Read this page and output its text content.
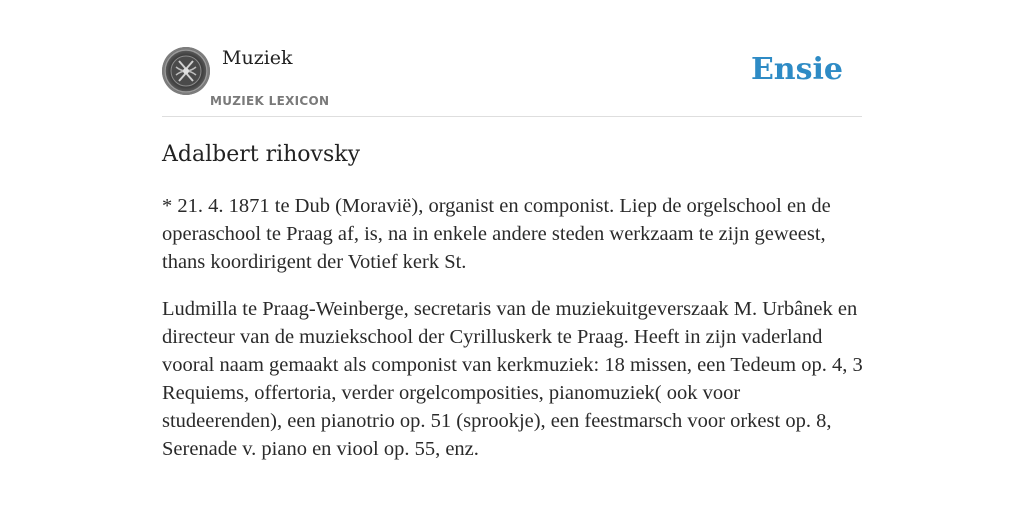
Muziek
MUZIEK LEXICON
Ensie
Adalbert rihovsky

* 21. 4. 1871 te Dub (Moravië), organist en componist. Liep de orgelschool en de operaschool te Praag af, is, na in enkele andere steden werkzaam te zijn geweest, thans koordirigent der Votief kerk St.

Ludmilla te Praag-Weinberge, secretaris van de muziekuitgeverszaak M. Urbânek en directeur van de muziekschool der Cyrilluskerk te Praag. Heeft in zijn vaderland vooral naam gemaakt als componist van kerkmuziek: 18 missen, een Tedeum op. 4, 3 Requiems, offertoria, verder orgelcomposities, pianomuziek( ook voor studeerenden), een pianotrio op. 51 (sprookje), een feestmarsch voor orkest op. 8, Serenade v. piano en viool op. 55, enz.
